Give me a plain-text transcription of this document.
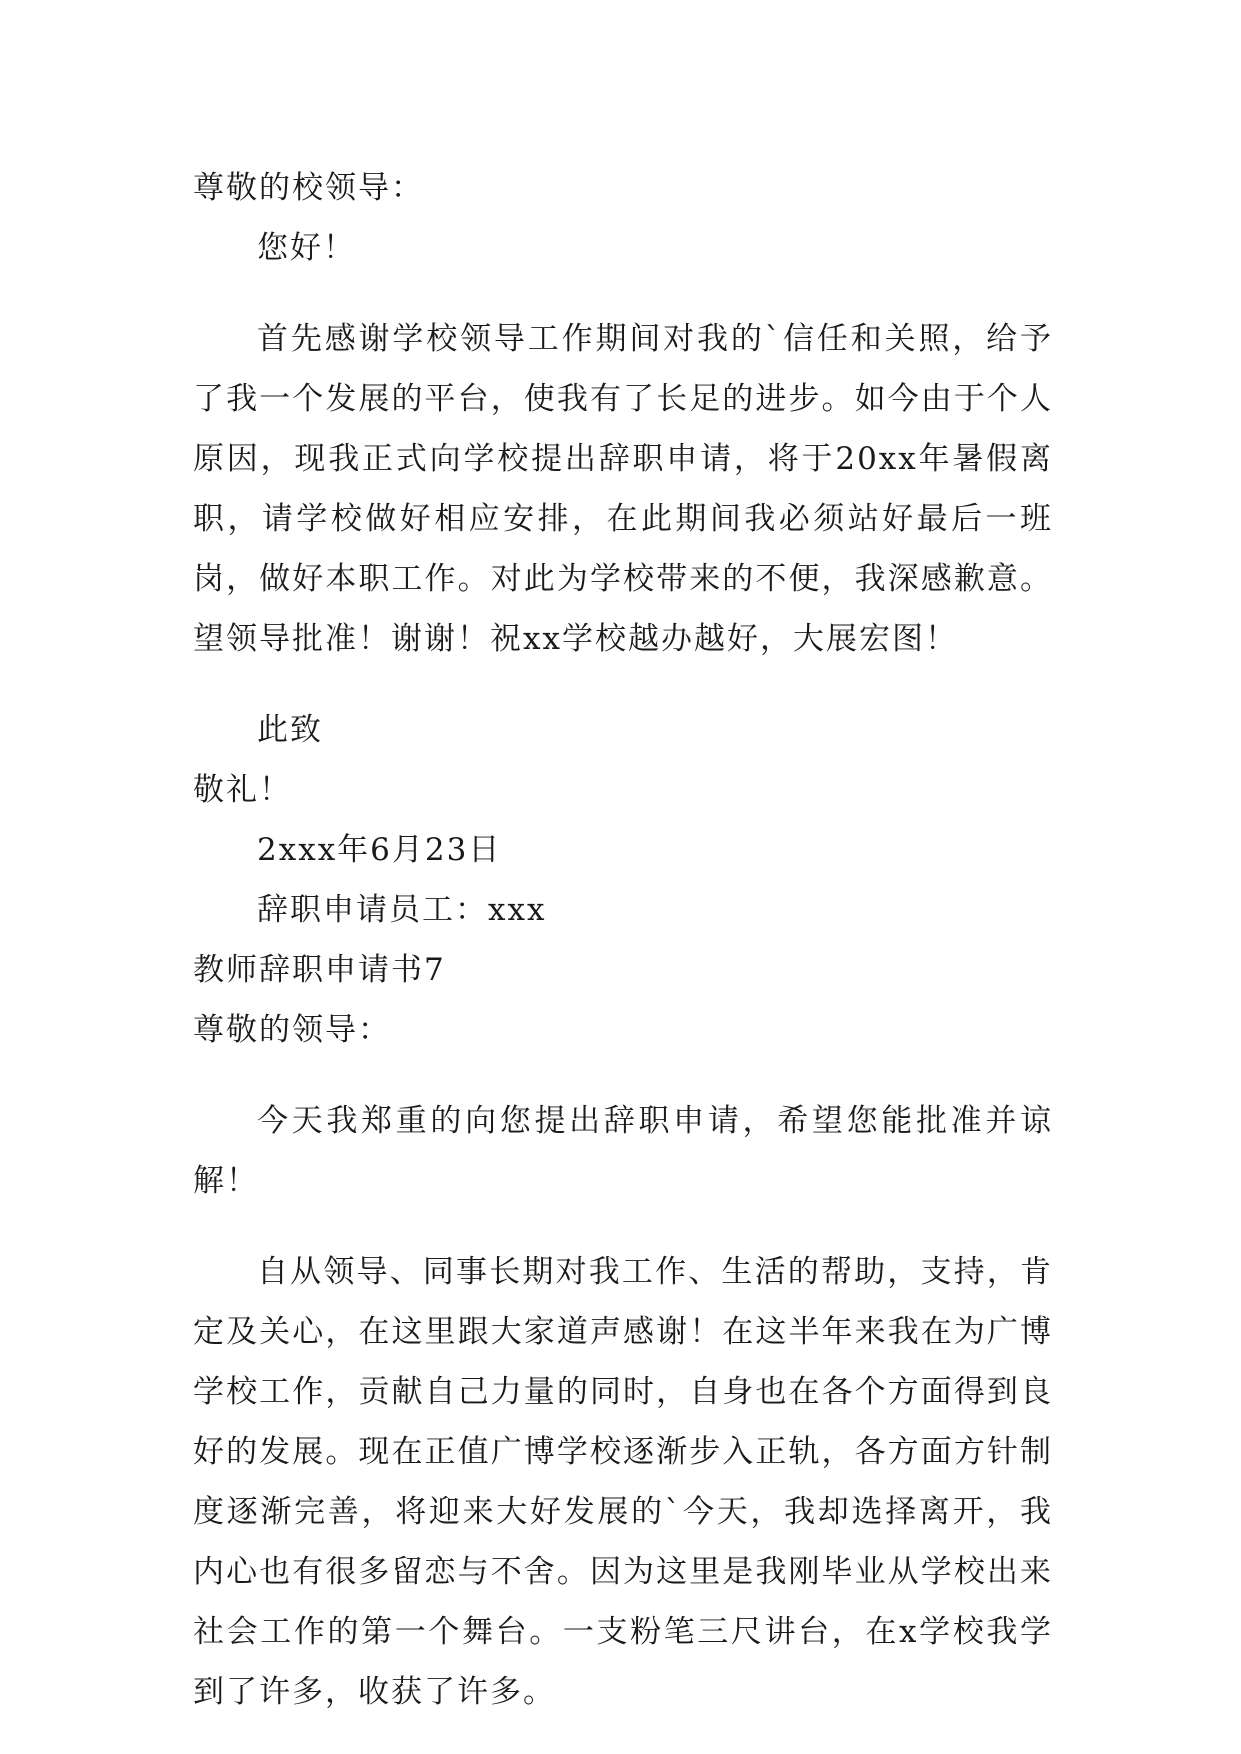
尊敬的校领导：

您好！

首先感谢学校领导工作期间对我的`信任和关照，给予了我一个发展的平台，使我有了长足的进步。如今由于个人原因，现我正式向学校提出辞职申请，将于20xx年暑假离职，请学校做好相应安排，在此期间我必须站好最后一班岗，做好本职工作。对此为学校带来的不便，我深感歉意。望领导批准！谢谢！祝xx学校越办越好，大展宏图！

此致

敬礼！

2xxx年6月23日

辞职申请员工：xxx

教师辞职申请书7

尊敬的领导：

今天我郑重的向您提出辞职申请，希望您能批准并谅解！

自从领导、同事长期对我工作、生活的帮助，支持，肯定及关心，在这里跟大家道声感谢！在这半年来我在为广博学校工作，贡献自己力量的同时，自身也在各个方面得到良好的发展。现在正值广博学校逐渐步入正轨，各方面方针制度逐渐完善，将迎来大好发展的`今天，我却选择离开，我内心也有很多留恋与不舍。因为这里是我刚毕业从学校出来社会工作的第一个舞台。一支粉笔三尺讲台，在x学校我学到了许多，收获了许多。
